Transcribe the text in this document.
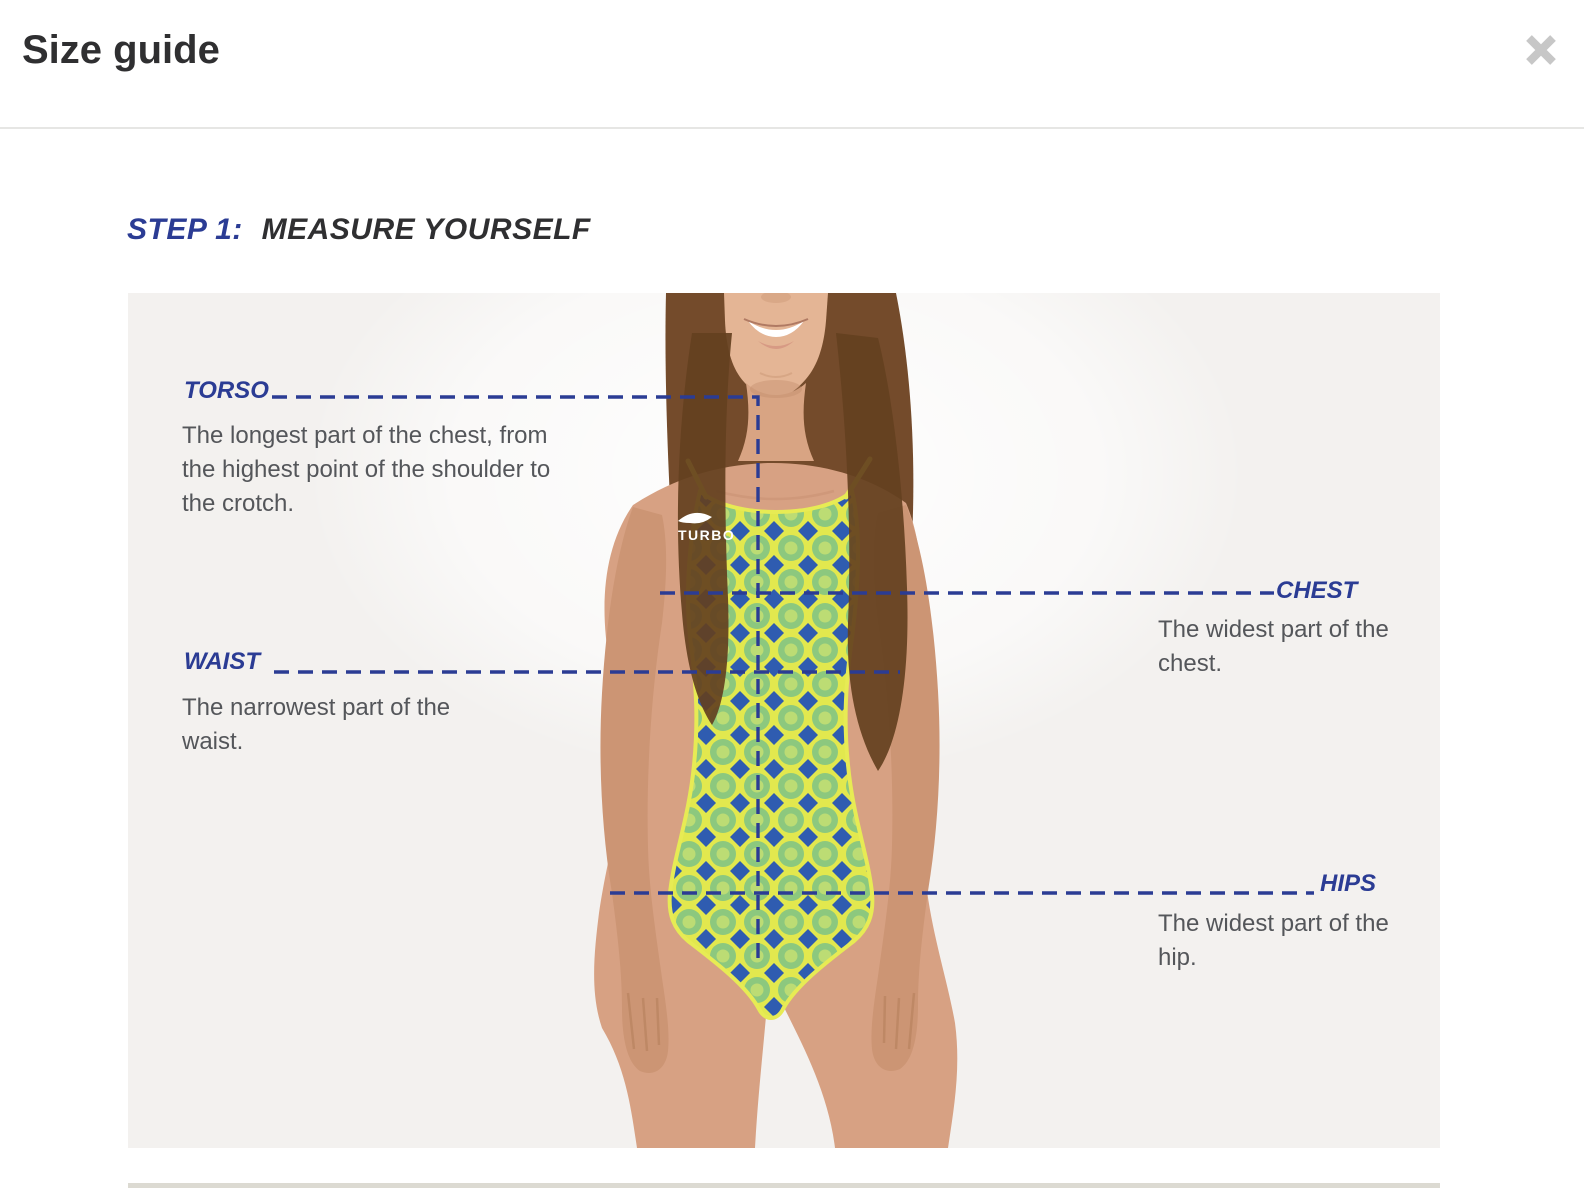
Size guide
STEP 1: MEASURE YOURSELF
TURBO
TORSO
The longest part of the chest, from the highest point of the shoulder to the crotch.
CHEST
The widest part of the chest.
WAIST
The narrowest part of the waist.
HIPS
The widest part of the hip.
